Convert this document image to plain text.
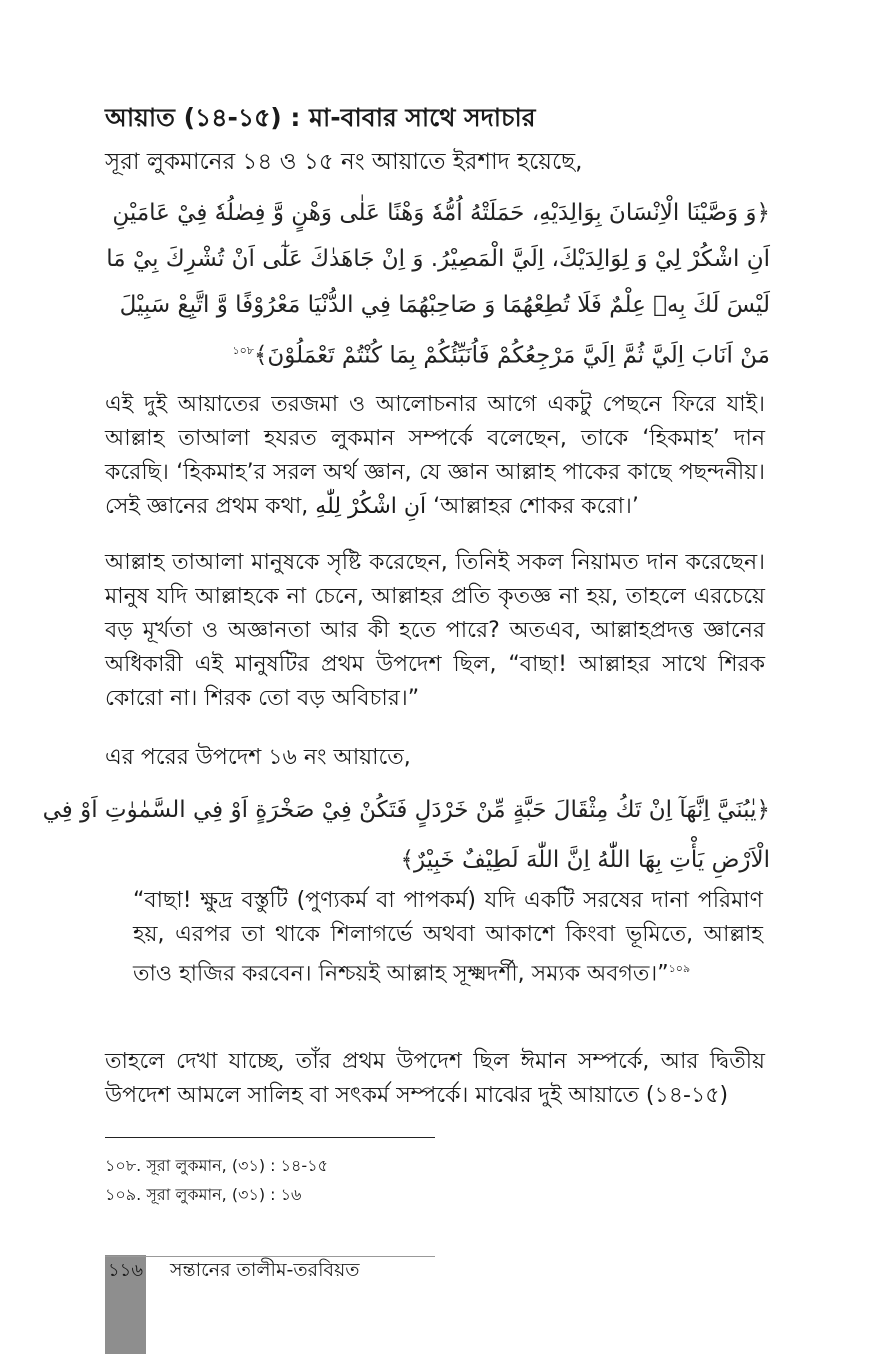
আয়াত (১৪-১৫) : মা-বাবার সাথে সদাচার
সূরা লুকমানের ১৪ ও ১৫ নং আয়াতে ইরশাদ হয়েছে,
﴿وَ وَصَّيْنَا الْاِنْسَانَ بِوَالِدَيْهِ، حَمَلَتْهُ اُمُّهٗ وَهْنًا عَلٰى وَهْنٍ وَّ فِصٰلُهٗ فِيْ عَامَيْنِ
اَنِ اشْكُرْ لِيْ وَ لِوَالِدَيْكَ، اِلَيَّ الْمَصِيْرُ. وَ اِنْ جَاهَدٰكَ عَلٰٓى اَنْ تُشْرِكَ بِيْ مَا
لَيْسَ لَكَ بِهٖ عِلْمٌ فَلَا تُطِعْهُمَا وَ صَاحِبْهُمَا فِي الدُّنْيَا مَعْرُوْفًا وَّ اتَّبِعْ سَبِيْلَ
مَنْ اَنَابَ اِلَيَّ ثُمَّ اِلَيَّ مَرْجِعُكُمْ فَاُنَبِّئُكُمْ بِمَا كُنْتُمْ تَعْمَلُوْنَ﴾$^{১০৮}$
এই দুই আয়াতের তরজমা ও আলোচনার আগে একটু পেছনে ফিরে যাই। আল্লাহ তাআলা হযরত লুকমান সম্পর্কে বলেছেন, তাকে ‘হিকমাহ’ দান করেছি। ‘হিকমাহ’র সরল অর্থ জ্ঞান, যে জ্ঞান আল্লাহ পাকের কাছে পছন্দনীয়। সেই জ্ঞানের প্রথম কথা, اَنِ اشْكُرْ لِلّٰهِ ‘আল্লাহর শোকর করো।’
আল্লাহ তাআলা মানুষকে সৃষ্টি করেছেন, তিনিই সকল নিয়ামত দান করেছেন। মানুষ যদি আল্লাহকে না চেনে, আল্লাহর প্রতি কৃতজ্ঞ না হয়, তাহলে এরচেয়ে বড় মূর্খতা ও অজ্ঞানতা আর কী হতে পারে? অতএব, আল্লাহপ্রদত্ত জ্ঞানের অধিকারী এই মানুষটির প্রথম উপদেশ ছিল, “বাছা! আল্লাহর সাথে শিরক কোরো না। শিরক তো বড় অবিচার।”
এর পরের উপদেশ ১৬ নং আয়াতে,
﴿يٰبُنَيَّ اِنَّهَآ اِنْ تَكُ مِثْقَالَ حَبَّةٍ مِّنْ خَرْدَلٍ فَتَكُنْ فِيْ صَخْرَةٍ اَوْ فِي السَّمٰوٰتِ اَوْ فِي
الْاَرْضِ يَأْتِ بِهَا اللّٰهُ اِنَّ اللّٰهَ لَطِيْفٌ خَبِيْرٌ﴾
“বাছা! ক্ষুদ্র বস্তুটি (পুণ্যকর্ম বা পাপকর্ম) যদি একটি সরষের দানা পরিমাণ হয়, এরপর তা থাকে শিলাগর্ভে অথবা আকাশে কিংবা ভূমিতে, আল্লাহ তাও হাজির করবেন। নিশ্চয়ই আল্লাহ সূক্ষ্মদর্শী, সম্যক অবগত।”$^{১০৯}$
তাহলে দেখা যাচ্ছে, তাঁর প্রথম উপদেশ ছিল ঈমান সম্পর্কে, আর দ্বিতীয় উপদেশ আমলে সালিহ বা সৎকর্ম সম্পর্কে। মাঝের দুই আয়াতে (১৪-১৫)
১০৮. সূরা লুকমান, (৩১) : ১৪-১৫
১০৯. সূরা লুকমান, (৩১) : ১৬
১১৬ সন্তানের তালীম-তরবিয়ত
